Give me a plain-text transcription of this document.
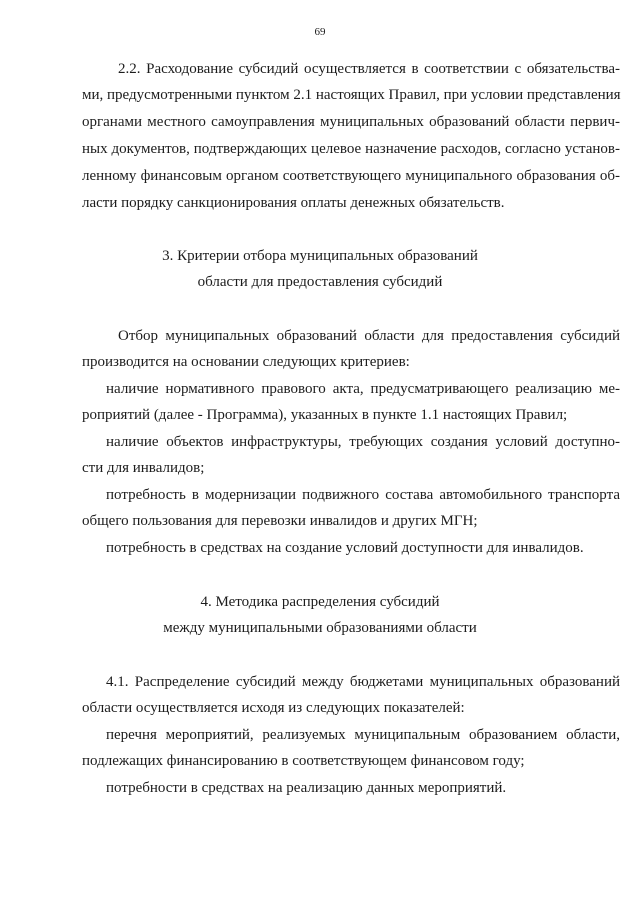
69
2.2. Расходование субсидий осуществляется в соответствии с обязательства-
ми, предусмотренными пунктом 2.1 настоящих Правил, при условии представления
органами местного самоуправления муниципальных образований области первич-
ных документов, подтверждающих целевое назначение расходов, согласно установ-
ленному финансовым органом соответствующего муниципального образования об-
ласти порядку санкционирования оплаты денежных обязательств.
3. Критерии отбора муниципальных образований
области для предоставления субсидий
Отбор муниципальных образований области для предоставления субсидий
производится на основании следующих критериев:
наличие нормативного правового акта, предусматривающего реализацию ме-
роприятий (далее - Программа), указанных в пункте 1.1 настоящих Правил;
наличие объектов инфраструктуры, требующих создания условий доступно-
сти для инвалидов;
потребность в модернизации подвижного состава автомобильного транспорта
общего пользования для перевозки инвалидов и других МГН;
потребность в средствах на создание условий доступности для инвалидов.
4. Методика распределения субсидий
между муниципальными образованиями области
4.1. Распределение субсидий между бюджетами муниципальных образований
области осуществляется исходя из следующих показателей:
перечня мероприятий, реализуемых муниципальным образованием области,
подлежащих финансированию в соответствующем финансовом году;
потребности в средствах на реализацию данных мероприятий.
